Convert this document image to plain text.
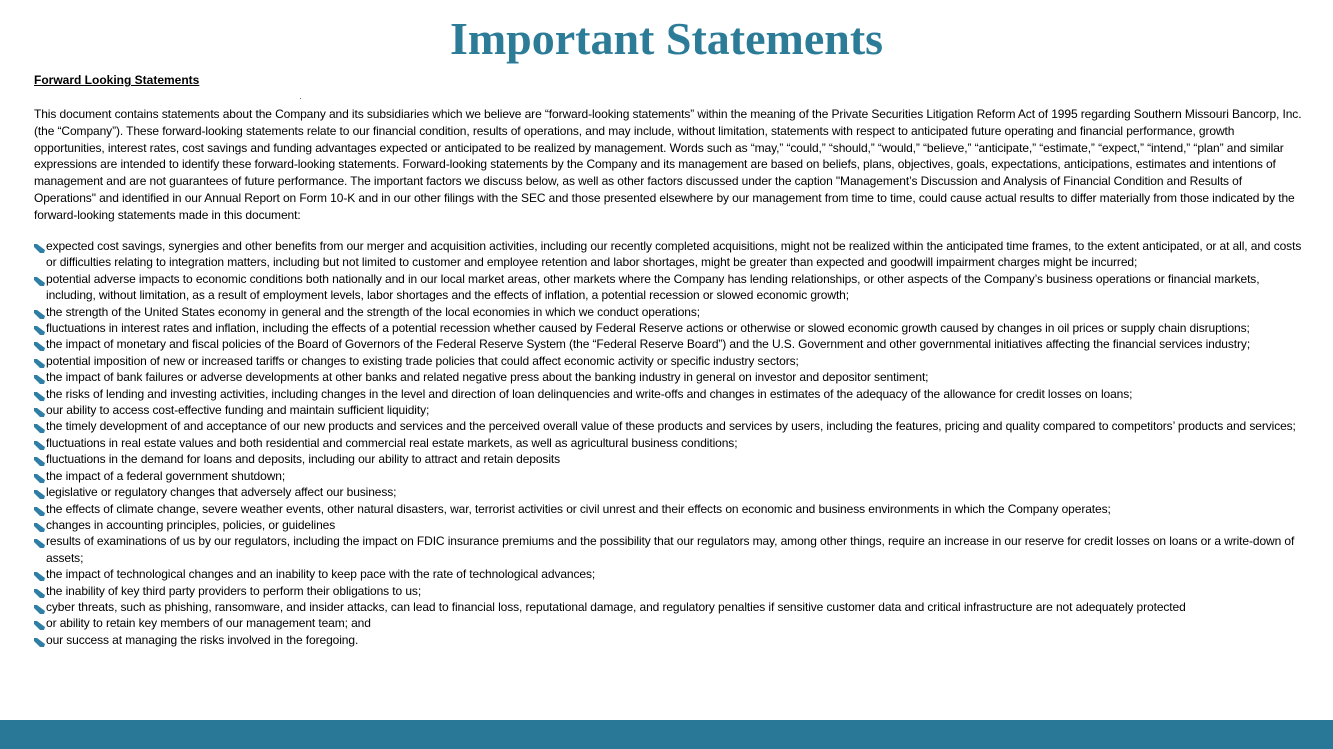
Important Statements
Forward Looking Statements
This document contains statements about the Company and its subsidiaries which we believe are “forward-looking statements” within the meaning of the Private Securities Litigation Reform Act of 1995 regarding Southern Missouri Bancorp, Inc. (the “Company”). These forward-looking statements relate to our financial condition, results of operations, and may include, without limitation, statements with respect to anticipated future operating and financial performance, growth opportunities, interest rates, cost savings and funding advantages expected or anticipated to be realized by management. Words such as “may,” “could,” “should,” “would,” “believe,” “anticipate,” “estimate,” “expect,” “intend,” “plan” and similar expressions are intended to identify these forward-looking statements. Forward-looking statements by the Company and its management are based on beliefs, plans, objectives, goals, expectations, anticipations, estimates and intentions of management and are not guarantees of future performance. The important factors we discuss below, as well as other factors discussed under the caption "Management’s Discussion and Analysis of Financial Condition and Results of Operations" and identified in our Annual Report on Form 10-K and in our other filings with the SEC and those presented elsewhere by our management from time to time, could cause actual results to differ materially from those indicated by the forward-looking statements made in this document:
expected cost savings, synergies and other benefits from our merger and acquisition activities, including our recently completed acquisitions, might not be realized within the anticipated time frames, to the extent anticipated, or at all, and costs or difficulties relating to integration matters, including but not limited to customer and employee retention and labor shortages, might be greater than expected and goodwill impairment charges might be incurred;
potential adverse impacts to economic conditions both nationally and in our local market areas, other markets where the Company has lending relationships, or other aspects of the Company’s business operations or financial markets, including, without limitation, as a result of employment levels, labor shortages and the effects of inflation, a potential recession or slowed economic growth;
the strength of the United States economy in general and the strength of the local economies in which we conduct operations;
fluctuations in interest rates and inflation, including the effects of a potential recession whether caused by Federal Reserve actions or otherwise or slowed economic growth caused by changes in oil prices or supply chain disruptions;
the impact of monetary and fiscal policies of the Board of Governors of the Federal Reserve System (the “Federal Reserve Board”) and the U.S. Government and other governmental initiatives affecting the financial services industry;
potential imposition of new or increased tariffs or changes to existing trade policies that could affect economic activity or specific industry sectors;
the impact of bank failures or adverse developments at other banks and related negative press about the banking industry in general on investor and depositor sentiment;
the risks of lending and investing activities, including changes in the level and direction of loan delinquencies and write-offs and changes in estimates of the adequacy of the allowance for credit losses on loans;
our ability to access cost-effective funding and maintain sufficient liquidity;
the timely development of and acceptance of our new products and services and the perceived overall value of these products and services by users, including the features, pricing and quality compared to competitors’ products and services;
fluctuations in real estate values and both residential and commercial real estate markets, as well as agricultural business conditions;
fluctuations in the demand for loans and deposits, including our ability to attract and retain deposits
the impact of a federal government shutdown;
legislative or regulatory changes that adversely affect our business;
the effects of climate change, severe weather events, other natural disasters, war, terrorist activities or civil unrest and their effects on economic and business environments in which the Company operates;
changes in accounting principles, policies, or guidelines
results of examinations of us by our regulators, including the impact on FDIC insurance premiums and the possibility that our regulators may, among other things, require an increase in our reserve for credit losses on loans or a write-down of assets;
the impact of technological changes and an inability to keep pace with the rate of technological advances;
the inability of key third party providers to perform their obligations to us;
cyber threats, such as phishing, ransomware, and insider attacks, can lead to financial loss, reputational damage, and regulatory penalties if sensitive customer data and critical infrastructure are not adequately protected
or ability to retain key members of our management team; and
our success at managing the risks involved in the foregoing.
